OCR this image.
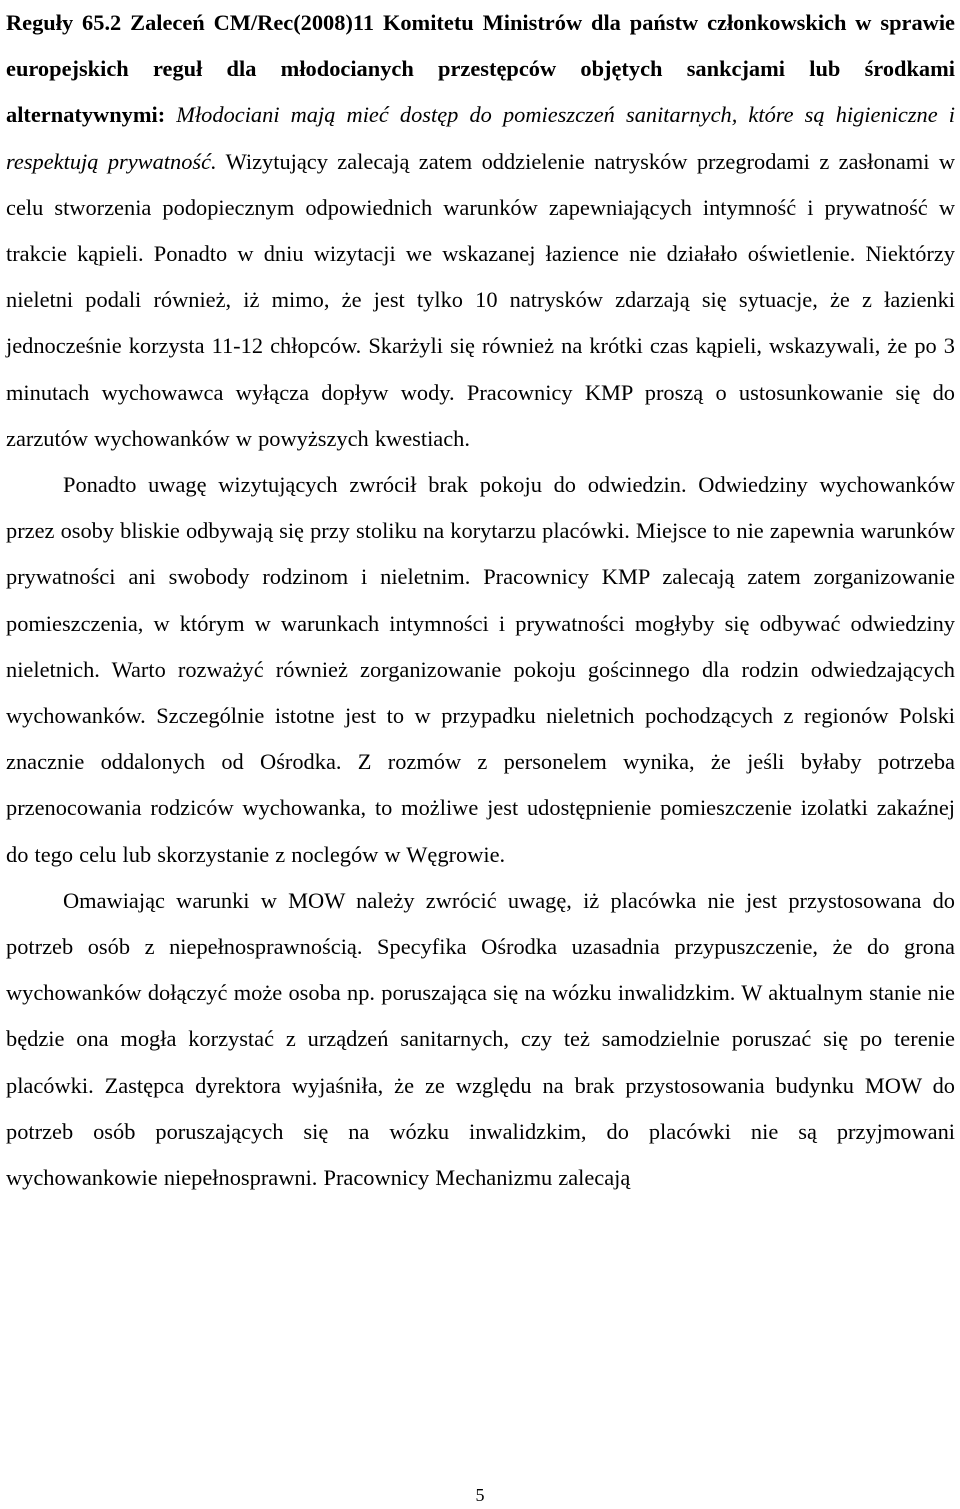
Reguły 65.2 Zaleceń CM/Rec(2008)11 Komitetu Ministrów dla państw członkowskich w sprawie europejskich reguł dla młodocianych przestępców objętych sankcjami lub środkami alternatywnymi: Młodociani mają mieć dostęp do pomieszczeń sanitarnych, które są higieniczne i respektują prywatność. Wizytujący zalecają zatem oddzielenie natrysków przegrodami z zasłonami w celu stworzenia podopiecznym odpowiednich warunków zapewniających intymność i prywatność w trakcie kąpieli. Ponadto w dniu wizytacji we wskazanej łazience nie działało oświetlenie. Niektórzy nieletni podali również, iż mimo, że jest tylko 10 natrysków zdarzają się sytuacje, że z łazienki jednocześnie korzysta 11-12 chłopców. Skarżyli się również na krótki czas kąpieli, wskazywali, że po 3 minutach wychowawca wyłącza dopływ wody. Pracownicy KMP proszą o ustosunkowanie się do zarzutów wychowanków w powyższych kwestiach.

Ponadto uwagę wizytujących zwrócił brak pokoju do odwiedzin. Odwiedziny wychowanków przez osoby bliskie odbywają się przy stoliku na korytarzu placówki. Miejsce to nie zapewnia warunków prywatności ani swobody rodzinom i nieletnim. Pracownicy KMP zalecają zatem zorganizowanie pomieszczenia, w którym w warunkach intymności i prywatności mogłyby się odbywać odwiedziny nieletnich. Warto rozważyć również zorganizowanie pokoju gościnnego dla rodzin odwiedzających wychowanków. Szczególnie istotne jest to w przypadku nieletnich pochodzących z regionów Polski znacznie oddalonych od Ośrodka. Z rozmów z personelem wynika, że jeśli byłaby potrzeba przenocowania rodziców wychowanka, to możliwe jest udostępnienie pomieszczenie izolatki zakaźnej do tego celu lub skorzystanie z noclegów w Węgrowie.

Omawiając warunki w MOW należy zwrócić uwagę, iż placówka nie jest przystosowana do potrzeb osób z niepełnosprawnością. Specyfika Ośrodka uzasadnia przypuszczenie, że do grona wychowanków dołączyć może osoba np. poruszająca się na wózku inwalidzkim. W aktualnym stanie nie będzie ona mogła korzystać z urządzeń sanitarnych, czy też samodzielnie poruszać się po terenie placówki. Zastępca dyrektora wyjaśniła, że ze względu na brak przystosowania budynku MOW do potrzeb osób poruszających się na wózku inwalidzkim, do placówki nie są przyjmowani wychowankowie niepełnosprawni. Pracownicy Mechanizmu zalecają

5
